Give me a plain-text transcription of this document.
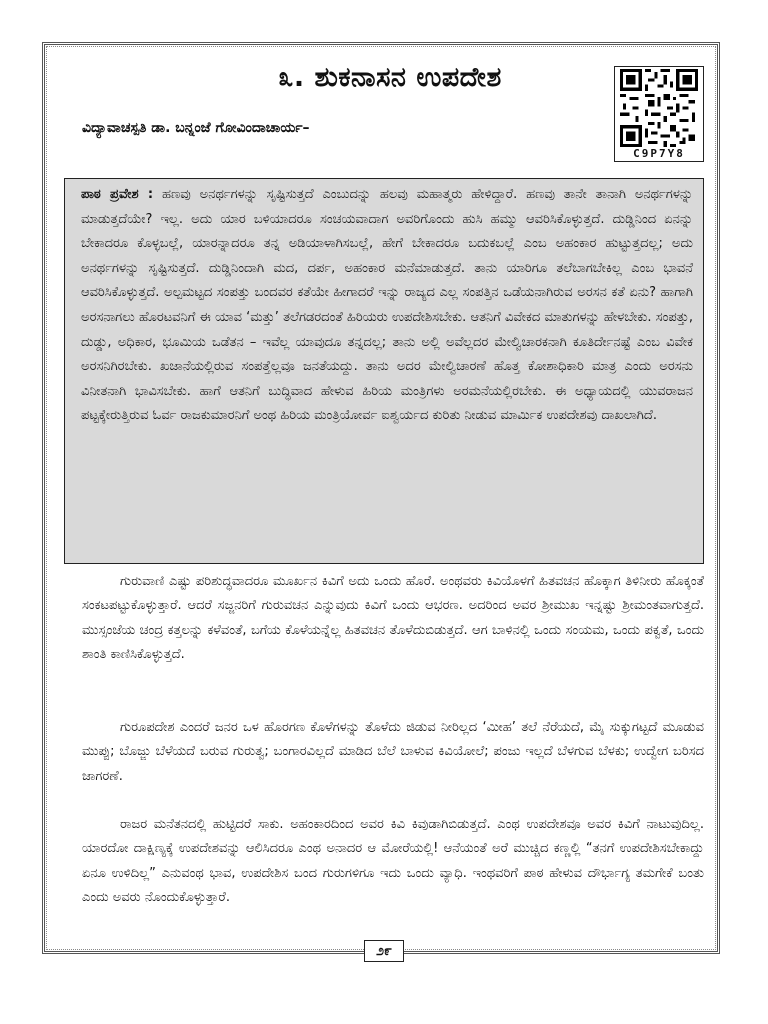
೩. ಶುಕನಾಸನ ಉಪದೇಶ
C9P7Y8
ವಿದ್ಯಾವಾಚಸ್ಪತಿ ಡಾ. ಬನ್ನಂಜೆ ಗೋವಿಂದಾಚಾರ್ಯ–

ಪಾಠ ಪ್ರವೇಶ : ಹಣವು ಅನರ್ಥಗಳನ್ನು ಸೃಷ್ಟಿಸುತ್ತದೆ ಎಂಬುದನ್ನು ಹಲವು ಮಹಾತ್ಮರು ಹೇಳಿದ್ದಾರೆ. ಹಣವು ತಾನೇ ತಾನಾಗಿ ಅನರ್ಥಗಳನ್ನು ಮಾಡುತ್ತದೆಯೇ? ಇಲ್ಲ. ಅದು ಯಾರ ಬಳಿಯಾದರೂ ಸಂಚಯವಾದಾಗ ಅವರಿಗೊಂದು ಹುಸಿ ಹಮ್ಮು ಆವರಿಸಿಕೊಳ್ಳುತ್ತದೆ. ದುಡ್ಡಿನಿಂದ ಏನನ್ನು ಬೇಕಾದರೂ ಕೊಳ್ಳಬಲ್ಲೆ, ಯಾರನ್ನಾದರೂ ತನ್ನ ಅಡಿಯಾಳಾಗಿಸಬಲ್ಲೆ, ಹೇಗೆ ಬೇಕಾದರೂ ಬದುಕಬಲ್ಲೆ ಎಂಬ ಅಹಂಕಾರ ಹುಟ್ಟುತ್ತದಲ್ಲ; ಅದು ಅನರ್ಥಗಳನ್ನು ಸೃಷ್ಟಿಸುತ್ತದೆ. ದುಡ್ಡಿನಿಂದಾಗಿ ಮದ, ದರ್ಪ, ಅಹಂಕಾರ ಮನೆಮಾಡುತ್ತದೆ. ತಾನು ಯಾರಿಗೂ ತಲೆಬಾಗಬೇಕಿಲ್ಲ ಎಂಬ ಭಾವನೆ ಆವರಿಸಿಕೊಳ್ಳುತ್ತದೆ. ಅಲ್ಪಮಟ್ಟದ ಸಂಪತ್ತು ಬಂದವರ ಕತೆಯೇ ಹೀಗಾದರೆ ಇನ್ನು ರಾಜ್ಯದ ಎಲ್ಲ ಸಂಪತ್ತಿನ ಒಡೆಯನಾಗಿರುವ ಅರಸನ ಕತೆ ಏನು? ಹಾಗಾಗಿ ಅರಸನಾಗಲು ಹೊರಟವನಿಗೆ ಈ ಯಾವ ‘ಮತ್ತು’ ತಲೆಗಡರದಂತೆ ಹಿರಿಯರು ಉಪದೇಶಿಸಬೇಕು. ಆತನಿಗೆ ವಿವೇಕದ ಮಾತುಗಳನ್ನು ಹೇಳಬೇಕು. ಸಂಪತ್ತು, ದುಡ್ಡು, ಅಧಿಕಾರ, ಭೂಮಿಯ ಒಡೆತನ – ಇವೆಲ್ಲ ಯಾವುದೂ ತನ್ನದಲ್ಲ; ತಾನು ಅಲ್ಲಿ ಅವೆಲ್ಲದರ ಮೇಲ್ವಿಚಾರಕನಾಗಿ ಕೂತಿರ್ದೇನಷ್ಟೆ ಎಂಬ ವಿವೇಕ ಅರಸನಿಗಿರಬೇಕು. ಖಜಾನೆಯಲ್ಲಿರುವ ಸಂಪತ್ತೆಲ್ಲವೂ ಜನತೆಯದ್ದು. ತಾನು ಅದರ ಮೇಲ್ವಿಚಾರಣೆ ಹೊತ್ತ ಕೋಶಾಧಿಕಾರಿ ಮಾತ್ರ ಎಂದು ಅರಸನು ವಿನೀತನಾಗಿ ಭಾವಿಸಬೇಕು. ಹಾಗೆ ಆತನಿಗೆ ಬುದ್ಧಿವಾದ ಹೇಳುವ ಹಿರಿಯ ಮಂತ್ರಿಗಳು ಅರಮನೆಯಲ್ಲಿರಬೇಕು. ಈ ಅಧ್ಯಾಯದಲ್ಲಿ ಯುವರಾಜನ ಪಟ್ಟಕ್ಕೇರುತ್ತಿರುವ ಓರ್ವ ರಾಜಕುಮಾರನಿಗೆ ಅಂಥ ಹಿರಿಯ ಮಂತ್ರಿಯೋರ್ವ ಐಶ್ವರ್ಯದ ಕುರಿತು ನೀಡುವ ಮಾರ್ಮಿಕ ಉಪದೇಶವು ದಾಖಲಾಗಿದೆ.

ಗುರುವಾಣಿ ಎಷ್ಟು ಪರಿಶುದ್ಧವಾದರೂ ಮೂರ್ಖನ ಕಿವಿಗೆ ಅದು ಒಂದು ಹೊರೆ. ಅಂಥವರು ಕಿವಿಯೊಳಗೆ ಹಿತವಚನ ಹೊಕ್ಕಾಗ ತಿಳಿನೀರು ಹೊಕ್ಕಂತೆ ಸಂಕಟಪಟ್ಟುಕೊಳ್ಳುತ್ತಾರೆ. ಆದರೆ ಸಜ್ಜನರಿಗೆ ಗುರುವಚನ ಎನ್ನುವುದು ಕಿವಿಗೆ ಒಂದು ಆಭರಣ. ಅದರಿಂದ ಅವರ ಶ್ರೀಮುಖ ಇನ್ನಷ್ಟು ಶ್ರೀಮಂತವಾಗುತ್ತದೆ. ಮುಸ್ಸಂಜೆಯ ಚಂದ್ರ ಕತ್ತಲನ್ನು ಕಳೆವಂತೆ, ಬಗೆಯ ಕೊಳೆಯನ್ನೆಲ್ಲ ಹಿತವಚನ ತೊಳೆದುಬಿಡುತ್ತದೆ. ಆಗ ಬಾಳಿನಲ್ಲಿ ಒಂದು ಸಂಯಮ, ಒಂದು ಪಕ್ವತೆ, ಒಂದು ಶಾಂತಿ ಕಾಣಿಸಿಕೊಳ್ಳುತ್ತದೆ.

ಗುರೂಪದೇಶ ಎಂದರೆ ಜನರ ಒಳ ಹೊರಗಣ ಕೊಳೆಗಳನ್ನು ತೊಳೆದು ಜಿಡುವ ನೀರಿಲ್ಲದ ‘ಮೀಹ’ ತಲೆ ನೆರೆಯದೆ, ಮೈ ಸುಕ್ಕುಗಟ್ಟದೆ ಮೂಡುವ ಮುಪ್ಪು; ಬೊಜ್ಜು ಬೆಳೆಯದೆ ಬರುವ ಗುರುತ್ವ; ಬಂಗಾರವಿಲ್ಲದೆ ಮಾಡಿದ ಬೆಲೆ ಬಾಳುವ ಕಿವಿಯೋಲೆ; ಪಂಜು ಇಲ್ಲದೆ ಬೆಳಗುವ ಬೆಳಕು; ಉದ್ವೇಗ ಬರಿಸದ ಜಾಗರಣೆ.

ರಾಜರ ಮನೆತನದಲ್ಲಿ ಹುಟ್ಟಿದರೆ ಸಾಕು. ಅಹಂಕಾರದಿಂದ ಅವರ ಕಿವಿ ಕಿವುಡಾಗಿಬಿಡುತ್ತದೆ. ಎಂಥ ಉಪದೇಶವೂ ಅವರ ಕಿವಿಗೆ ನಾಟುವುದಿಲ್ಲ. ಯಾರದೋ ದಾಕ್ಷಿಣ್ಯಕ್ಕೆ ಉಪದೇಶವನ್ನು ಆಲಿಸಿದರೂ ಎಂಥ ಅನಾದರ ಆ ಮೋರೆಯಲ್ಲಿ! ಆನೆಯಂತೆ ಅರೆ ಮುಚ್ಚಿದ ಕಣ್ಣಲ್ಲಿ “ತನಗೆ ಉಪದೇಶಿಸಬೇಕಾದ್ದು ಏನೂ ಉಳಿದಿಲ್ಲ” ಎನುವಂಥ ಭಾವ, ಉಪದೇಶಿಸ ಬಂದ ಗುರುಗಳಿಗೂ ಇದು ಒಂದು ವ್ಯಾಧಿ. ಇಂಥವರಿಗೆ ಪಾಠ ಹೇಳುವ ದೌರ್ಭಾಗ್ಯ ತಮಗೇಕೆ ಬಂತು ಎಂದು ಅವರು ನೊಂದುಕೊಳ್ಳುತ್ತಾರೆ.

೨೯
